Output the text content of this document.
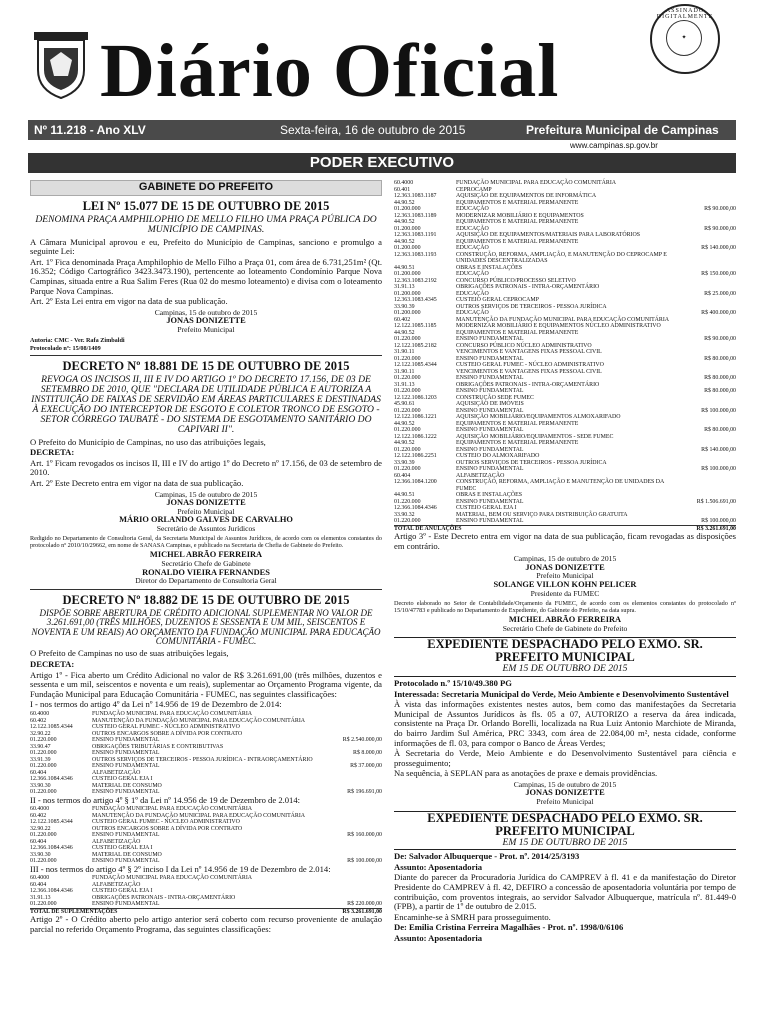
ASSINADO DIGITALMENTE
✦
Diário Oficial
Nº 11.218 - Ano XLV	Sexta-feira, 16 de outubro de 2015	Prefeitura Municipal de Campinas
www.campinas.sp.gov.br
PODER EXECUTIVO
GABINETE DO PREFEITO
LEI Nº 15.077 DE 15 DE OUTUBRO DE 2015
DENOMINA PRAÇA AMPHILOPHIO DE MELLO FILHO UMA PRAÇA PÚBLICA DO MUNICÍPIO DE CAMPINAS.

A Câmara Municipal aprovou e eu, Prefeito do Município de Campinas, sanciono e promulgo a seguinte Lei:

Art. 1º Fica denominada Praça Amphilophio de Mello Filho a Praça 01, com área de 6.731,251m² (Qt. 16.352; Código Cartográfico 3423.3473.190), pertencente ao loteamento Condomínio Parque Nova Campinas, situada entre a Rua Salim Feres (Rua 02 do mesmo loteamento) e divisa com o loteamento Parque Nova Campinas.

Art. 2º Esta Lei entra em vigor na data de sua publicação.

Campinas, 15 de outubro de 2015
JONAS DONIZETTE
Prefeito Municipal

Autoria: CMC - Ver. Rafa Zimbaldi

Protocolado nº: 15/08/1409

DECRETO Nº 18.881 DE 15 DE OUTUBRO DE 2015
REVOGA OS INCISOS II, III E IV DO ARTIGO 1º DO DECRETO 17.156, DE 03 DE SETEMBRO DE 2010, QUE "DECLARA DE UTILIDADE PÚBLICA E AUTORIZA A INSTITUIÇÃO DE FAIXAS DE SERVIDÃO EM ÁREAS PARTICULARES E DESTINADAS À EXECUÇÃO DO INTERCEPTOR DE ESGOTO E COLETOR TRONCO DE ESGOTO - SETOR CÓRREGO TAUBATÉ - DO SISTEMA DE ESGOTAMENTO SANITÁRIO DO CAPIVARI II".

O Prefeito do Município de Campinas, no uso das atribuições legais,

DECRETA:

Art. 1º Ficam revogados os incisos II, III e IV do artigo 1º do Decreto nº 17.156, de 03 de setembro de 2010.

Art. 2º Este Decreto entra em vigor na data de sua publicação.

Campinas, 15 de outubro de 2015
JONAS DONIZETTE
Prefeito Municipal
MÁRIO ORLANDO GALVES DE CARVALHO
Secretário de Assuntos Jurídicos

Redigido no Departamento de Consultoria Geral, da Secretaria Municipal de Assuntos Jurídicos, de acordo com os elementos constantes do protocolado nº 2010/10/29662, em nome de SANASA Campinas, e publicado na Secretaria de Chefia de Gabinete do Prefeito.

MICHEL ABRÃO FERREIRA
Secretário Chefe de Gabinete
RONALDO VIEIRA FERNANDES
Diretor do Departamento de Consultoria Geral
DECRETO Nº 18.882 DE 15 DE OUTUBRO DE 2015
DISPÕE SOBRE ABERTURA DE CRÉDITO ADICIONAL SUPLEMENTAR NO VALOR DE 3.261.691,00 (TRÊS MILHÕES, DUZENTOS E SESSENTA E UM MIL, SEISCENTOS E NOVENTA E UM REAIS) AO ORÇAMENTO DA FUNDAÇÃO MUNICIPAL PARA EDUCAÇÃO COMUNITÁRIA - FUMEC.

O Prefeito de Campinas no uso de suas atribuições legais,

DECRETA:

Artigo 1º - Fica aberto um Crédito Adicional no valor de R$ 3.261.691,00 (três milhões, duzentos e sessenta e um mil, seiscentos e noventa e um reais), suplementar ao Orçamento Programa vigente, da Fundação Municipal para Educação Comunitária - FUMEC, nas seguintes classificações:

I - nos termos do artigo 4º da Lei nº 14.956 de 19 de Dezembro de 2.014:

60.4000	FUNDAÇÃO MUNICIPAL PARA EDUCAÇÃO COMUNITÁRIA	
60.402	MANUTENÇÃO DA FUNDAÇÃO MUNICIPAL PARA EDUCAÇÃO COMUNITÁRIA	
12.122.1085.4344	CUSTEIO GERAL FUMEC - NÚCLEO ADMINISTRATIVO	
32.90.22	OUTROS ENCARGOS SOBRE A DÍVIDA POR CONTRATO	
01.220.000	ENSINO FUNDAMENTAL	R$ 2.540.000,00
33.90.47	OBRIGAÇÕES TRIBUTÁRIAS E CONTRIBUTIVAS	
01.220.000	ENSINO FUNDAMENTAL	R$ 8.000,00
33.91.39	OUTROS SERVIÇOS DE TERCEIROS - PESSOA JURÍDICA - INTRAORÇAMENTÁRIO	
01.220.000	ENSINO FUNDAMENTAL	R$ 37.000,00
60.404	ALFABETIZAÇÃO	
12.366.1084.4346	CUSTEIO GERAL EJA I	
33.90.30	MATERIAL DE CONSUMO	
01.220.000	ENSINO FUNDAMENTAL	R$ 196.691,00

II - nos termos do artigo 4º § 1º da Lei nº 14.956 de 19 de Dezembro de 2.014:

60.4000	FUNDAÇÃO MUNICIPAL PARA EDUCAÇÃO COMUNITÁRIA	
60.402	MANUTENÇÃO DA FUNDAÇÃO MUNICIPAL PARA EDUCAÇÃO COMUNITÁRIA	
12.122.1085.4344	CUSTEIO GERAL FUMEC - NÚCLEO ADMINISTRATIVO	
32.90.22	OUTROS ENCARGOS SOBRE A DÍVIDA POR CONTRATO	
01.220.000	ENSINO FUNDAMENTAL	R$ 160.000,00
60.404	ALFABETIZAÇÃO	
12.366.1084.4346	CUSTEIO GERAL EJA I	
33.90.30	MATERIAL DE CONSUMO	
01.220.000	ENSINO FUNDAMENTAL	R$ 100.000,00

III - nos termos do artigo 4º § 2º inciso I da Lei nº 14.956 de 19 de Dezembro de 2.014:

60.4000	FUNDAÇÃO MUNICIPAL PARA EDUCAÇÃO COMUNITÁRIA	
60.404	ALFABETIZAÇÃO	
12.366.1084.4346	CUSTEIO GERAL EJA I	
31.91.13	OBRIGAÇÕES PATRONAIS - INTRA-ORÇAMENTÁRIO	
01.220.000	ENSINO FUNDAMENTAL	R$ 220.000,00
TOTAL DE SUPLEMENTAÇÕES	R$ 3.261.691,00

Artigo 2º - O Crédito aberto pelo artigo anterior será coberto com recurso proveniente de anulação parcial no referido Orçamento Programa, das seguintes classificações:

60.4000	FUNDAÇÃO MUNICIPAL PARA EDUCAÇÃO COMUNITÁRIA	
60.401	CEPROCAMP	
12.363.1083.1187	AQUISIÇÃO DE EQUIPAMENTOS DE INFORMÁTICA	
44.90.52	EQUIPAMENTOS E MATERIAL PERMANENTE	
01.200.000	EDUCAÇÃO	R$ 90.000,00
12.363.1083.1189	MODERNIZAR MOBILIÁRIO E EQUIPAMENTOS	
44.90.52	EQUIPAMENTOS E MATERIAL PERMANENTE	
01.200.000	EDUCAÇÃO	R$ 90.000,00
12.363.1083.1191	AQUISIÇÃO DE EQUIPAMENTOS/MATERIAIS PARA LABORATÓRIOS	
44.90.52	EQUIPAMENTOS E MATERIAL PERMANENTE	
01.200.000	EDUCAÇÃO	R$ 140.000,00
12.363.1083.1193	CONSTRUÇÃO, REFORMA, AMPLIAÇÃO, E MANUTENÇÃO DO CEPROCAMP E UNIDADES DESCENTRALIZADAS	
44.90.51	OBRAS E INSTALAÇÕES	
01.200.000	EDUCAÇÃO	R$ 150.000,00
12.363.1083.2192	CONCURSO PÚBLICO/PROCESSO SELETIVO	
31.91.13	OBRIGAÇÕES PATRONAIS - INTRA-ORÇAMENTÁRIO	
01.200.000	EDUCAÇÃO	R$ 25.000,00
12.363.1083.4345	CUSTEIO GERAL CEPROCAMP	
33.90.39	OUTROS SERVIÇOS DE TERCEIROS - PESSOA JURÍDICA	
01.200.000	EDUCAÇÃO	R$ 400.000,00
60.402	MANUTENÇÃO DA FUNDAÇÃO MUNICIPAL PARA EDUCAÇÃO COMUNITÁRIA	
12.122.1085.1185	MODERNIZAR MOBILIÁRIO E EQUIPAMENTOS NÚCLEO ADMINISTRATIVO	
44.90.52	EQUIPAMENTOS E MATERIAL PERMANENTE	
01.220.000	ENSINO FUNDAMENTAL	R$ 90.000,00
12.122.1085.2182	CONCURSO PÚBLICO NÚCLEO ADMINISTRATIVO	
31.90.11	VENCIMENTOS E VANTAGENS FIXAS PESSOAL CIVIL	
01.220.000	ENSINO FUNDAMENTAL	R$ 80.000,00
12.122.1085.4344	CUSTEIO GERAL FUMEC - NÚCLEO ADMINISTRATIVO	
31.90.11	VENCIMENTOS E VANTAGENS FIXAS PESSOAL CIVIL	
01.220.000	ENSINO FUNDAMENTAL	R$ 80.000,00
31.91.13	OBRIGAÇÕES PATRONAIS - INTRA-ORÇAMENTÁRIO	
01.220.000	ENSINO FUNDAMENTAL	R$ 80.000,00
12.122.1086.1203	CONSTRUÇÃO SEDE FUMEC	
45.90.61	AQUISIÇÃO DE IMÓVEIS	
01.220.000	ENSINO FUNDAMENTAL	R$ 100.000,00
12.122.1086.1221	AQUISIÇÃO MOBILIÁRIO/EQUIPAMENTOS ALMOXARIFADO	
44.90.52	EQUIPAMENTOS E MATERIAL PERMANENTE	
01.220.000	ENSINO FUNDAMENTAL	R$ 80.000,00
12.122.1086.1222	AQUISIÇÃO MOBILIÁRIO/EQUIPAMENTOS - SEDE FUMEC	
44.90.52	EQUIPAMENTOS E MATERIAL PERMANENTE	
01.220.000	ENSINO FUNDAMENTAL	R$ 140.000,00
12.122.1086.2251	CUSTEIO DO ALMOXARIFADO	
33.90.39	OUTROS SERVIÇOS DE TERCEIROS - PESSOA JURÍDICA	
01.220.000	ENSINO FUNDAMENTAL	R$ 100.000,00
60.404	ALFABETIZAÇÃO	
12.366.1084.1200	CONSTRUÇÃO, REFORMA, AMPLIAÇÃO E MANUTENÇÃO DE UNIDADES DA FUMEC	
44.90.51	OBRAS E INSTALAÇÕES	
01.220.000	ENSINO FUNDAMENTAL	R$ 1.506.691,00
12.366.1084.4346	CUSTEIO GERAL EJA I	
33.90.32	MATERIAL, BEM OU SERVIÇO PARA DISTRIBUIÇÃO GRATUITA	
01.220.000	ENSINO FUNDAMENTAL	R$ 100.000,00
TOTAL DE ANULAÇÕES	R$ 3.261.691,00

Artigo 3º - Este Decreto entra em vigor na data de sua publicação, ficam revogadas as disposições em contrário.

Campinas, 15 de outubro de 2015
JONAS DONIZETTE
Prefeito Municipal
SOLANGE VILLON KOHN PELICER
Presidente da FUMEC

Decreto elaborado no Setor de Contabilidade/Orçamento da FUMEC, de acordo com os elementos constantes do protocolado nº 15/10/47783 e publicado no Departamento de Expediente, do Gabinete do Prefeito, na data supra.

MICHEL ABRÃO FERREIRA
Secretário Chefe de Gabinete do Prefeito
EXPEDIENTE DESPACHADO PELO EXMO. SR. PREFEITO MUNICIPAL
EM 15 DE OUTUBRO DE 2015

Protocolado n.º 15/10/49.380 PG

Interessada: Secretaria Municipal do Verde, Meio Ambiente e Desenvolvimento Sustentável

À vista das informações existentes nestes autos, bem como das manifestações da Secretaria Municipal de Assuntos Jurídicos às fls. 05 a 07, AUTORIZO a reserva da área indicada, consistente na Praça Dr. Orlando Borelli, localizada na Rua Luiz Antonio Marchiote de Miranda, do bairro Jardim Sul América, PRC 3343, com área de 22.084,00 m², nesta cidade, conforme informações de fl. 03, para compor o Banco de Áreas Verdes;

À Secretaria do Verde, Meio Ambiente e do Desenvolvimento Sustentável para ciência e prosseguimento;

Na sequência, à SEPLAN para as anotações de praxe e demais providências.

Campinas, 15 de outubro de 2015
JONAS DONIZETTE
Prefeito Municipal
EXPEDIENTE DESPACHADO PELO EXMO. SR. PREFEITO MUNICIPAL
EM 15 DE OUTUBRO DE 2015

De: Salvador Albuquerque - Prot. nº. 2014/25/3193

Assunto: Aposentadoria

Diante do parecer da Procuradoria Jurídica do CAMPREV à fl. 41 e da manifestação do Diretor Presidente do CAMPREV à fl. 42, DEFIRO a concessão de aposentadoria voluntária por tempo de contribuição, com proventos integrais, ao servidor Salvador Albuquerque, matrícula nº. 81.449-0 (FPB), a partir de 1º de outubro de 2.015.

Encaminhe-se à SMRH para prosseguimento.

De: Emilia Cristina Ferreira Magalhães - Prot. nº. 1998/0/6106

Assunto: Aposentadoria
